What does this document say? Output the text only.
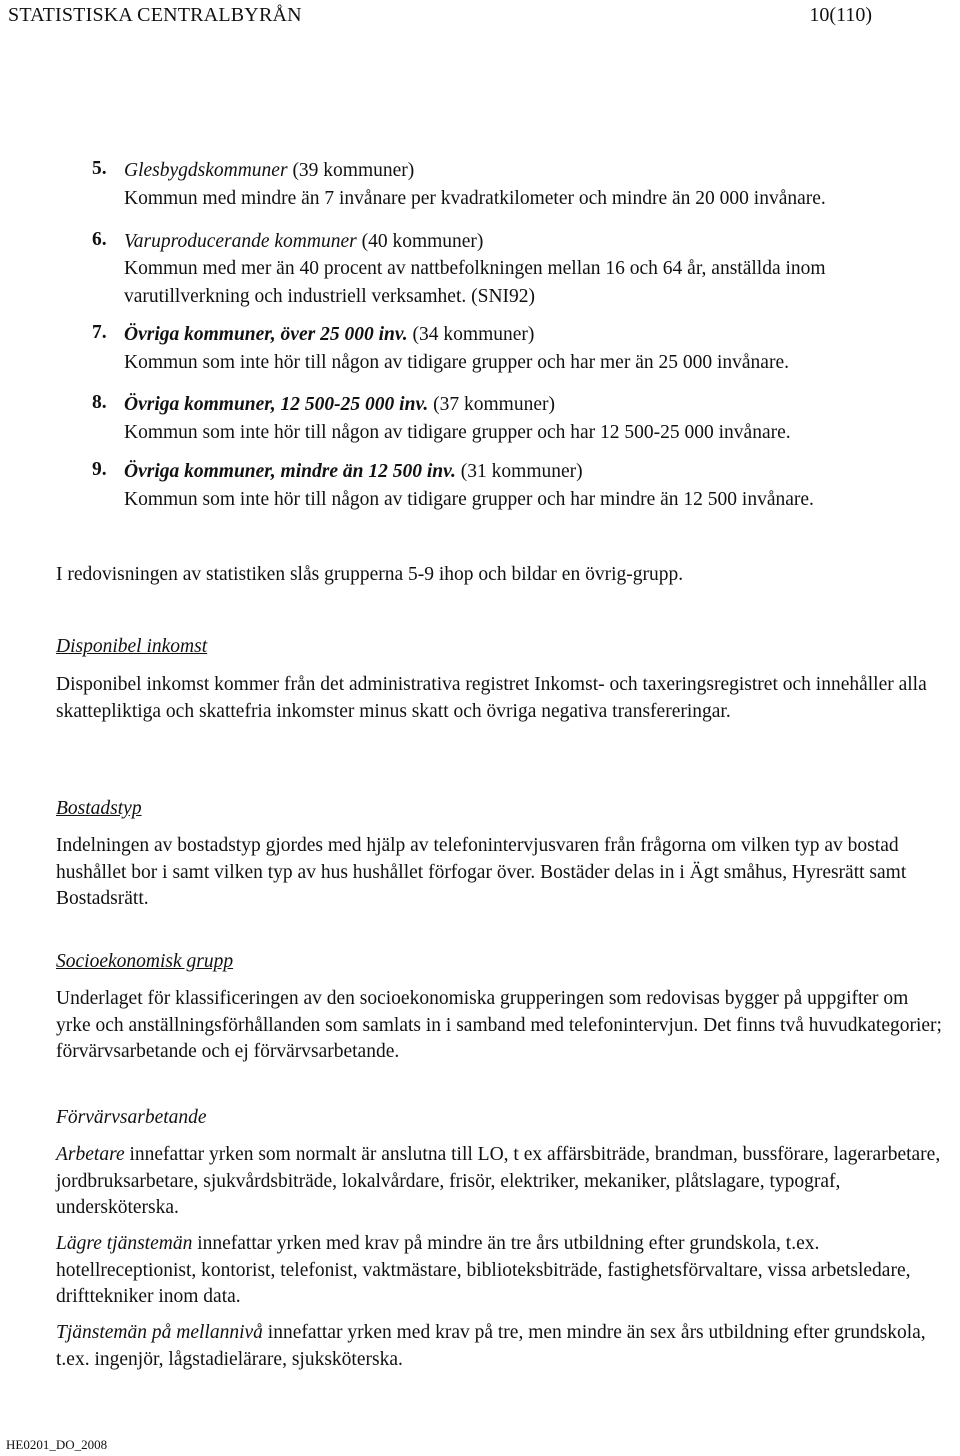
STATISTISKA CENTRALBYRÅN	10(110)
5. Glesbygdskommuner (39 kommuner)
Kommun med mindre än 7 invånare per kvadratkilometer och mindre än 20 000 invånare.
6. Varuproducerande kommuner (40 kommuner)
Kommun med mer än 40 procent av nattbefolkningen mellan 16 och 64 år, anställda inom
varutillverkning och industriell verksamhet. (SNI92)
7. Övriga kommuner, över 25 000 inv. (34 kommuner)
Kommun som inte hör till någon av tidigare grupper och har mer än 25 000 invånare.
8. Övriga kommuner, 12 500-25 000 inv. (37 kommuner)
Kommun som inte hör till någon av tidigare grupper och har 12 500-25 000 invånare.
9. Övriga kommuner, mindre än 12 500 inv. (31 kommuner)
Kommun som inte hör till någon av tidigare grupper och har mindre än 12 500 invånare.
I redovisningen av statistiken slås grupperna 5-9 ihop och bildar en övrig-grupp.
Disponibel inkomst
Disponibel inkomst kommer från det administrativa registret Inkomst- och taxeringsregistret och innehåller alla skattepliktiga och skattefria inkomster minus skatt och övriga negativa transfereringar.
Bostadstyp
Indelningen av bostadstyp gjordes med hjälp av telefonintervjusvaren från frågorna om vilken typ av bostad hushållet bor i samt vilken typ av hus hushållet förfogar över. Bostäder delas in i Ägt småhus, Hyresrätt samt Bostadsrätt.
Socioekonomisk grupp
Underlaget för klassificeringen av den socioekonomiska grupperingen som redovisas bygger på uppgifter om yrke och anställningsförhållanden som samlats in i samband med telefonintervjun. Det finns två huvudkategorier; förvärvsarbetande och ej förvärvsarbetande.
Förvärvsarbetande
Arbetare innefattar yrken som normalt är anslutna till LO, t ex affärsbiträde, brandman, bussförare, lagerarbetare, jordbruksarbetare, sjukvårdsbiträde, lokalvårdare, frisör, elektriker, mekaniker, plåtslagare, typograf, undersköterska.
Lägre tjänstemän innefattar yrken med krav på mindre än tre års utbildning efter grundskola, t.ex. hotellreceptionist, kontorist, telefonist, vaktmästare, biblioteksbiträde, fastighetsförvaltare, vissa arbetsledare, drifttekniker inom data.
Tjänstemän på mellannivå innefattar yrken med krav på tre, men mindre än sex års utbildning efter grundskola, t.ex. ingenjör, lågstadielärare, sjuksköterska.
HE0201_DO_2008
